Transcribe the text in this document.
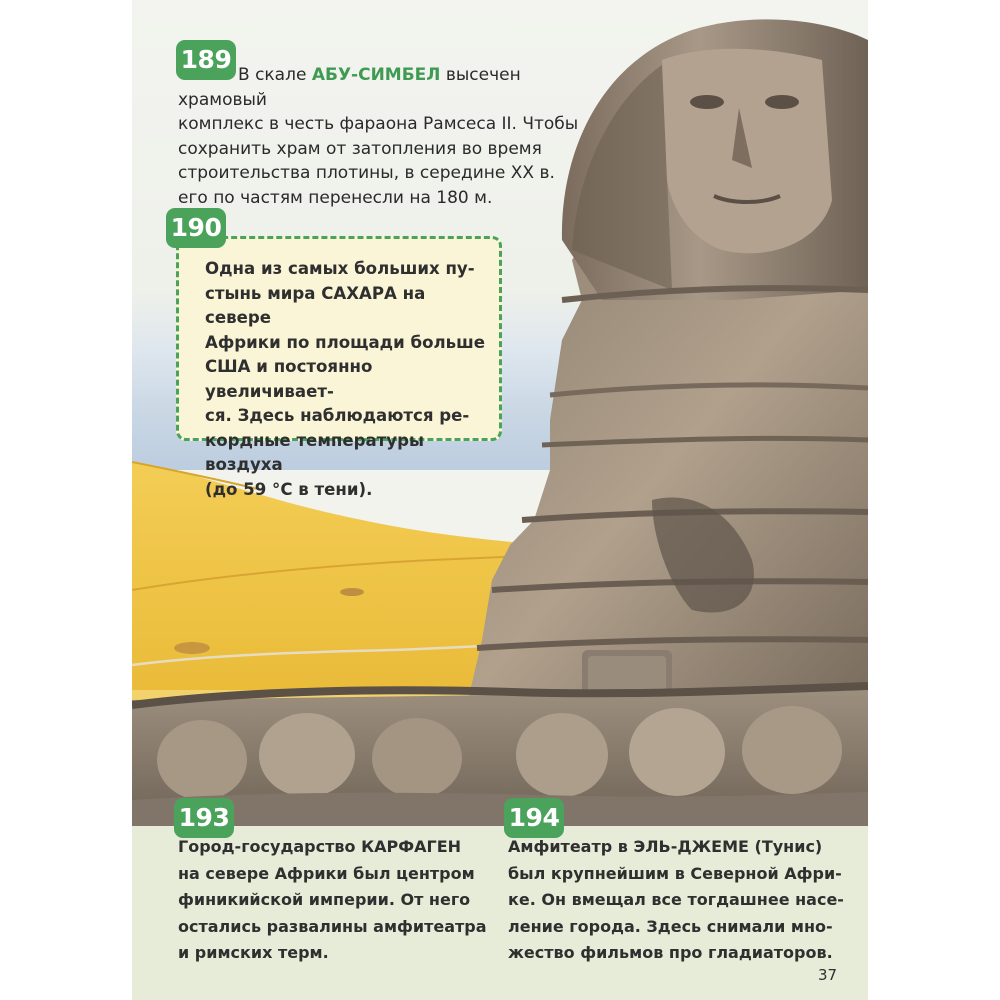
189

В скале АБУ-СИМБЕЛ высечен храмовый

комплекс в честь фараона Рамсеса II. Чтобы

сохранить храм от затопления во время

строительства плотины, в середине XX в.

его по частям перенесли на 180 м.

Одна из самых больших пу-

стынь мира САХАРА на севере

Африки по площади больше

США и постоянно увеличивает-

ся. Здесь наблюдаются ре-

кордные температуры воздуха

(до 59 °С в тени).

190
193	194

Город-государство КАРФАГЕН

на севере Африки был центром

финикийской империи. От него

остались развалины амфитеатра

и римских терм.

Амфитеатр в ЭЛЬ-ДЖЕМЕ (Тунис)

был крупнейшим в Северной Афри-

ке. Он вмещал все тогдашнее насе-

ление города. Здесь снимали мно-

жество фильмов про гладиаторов.

37
